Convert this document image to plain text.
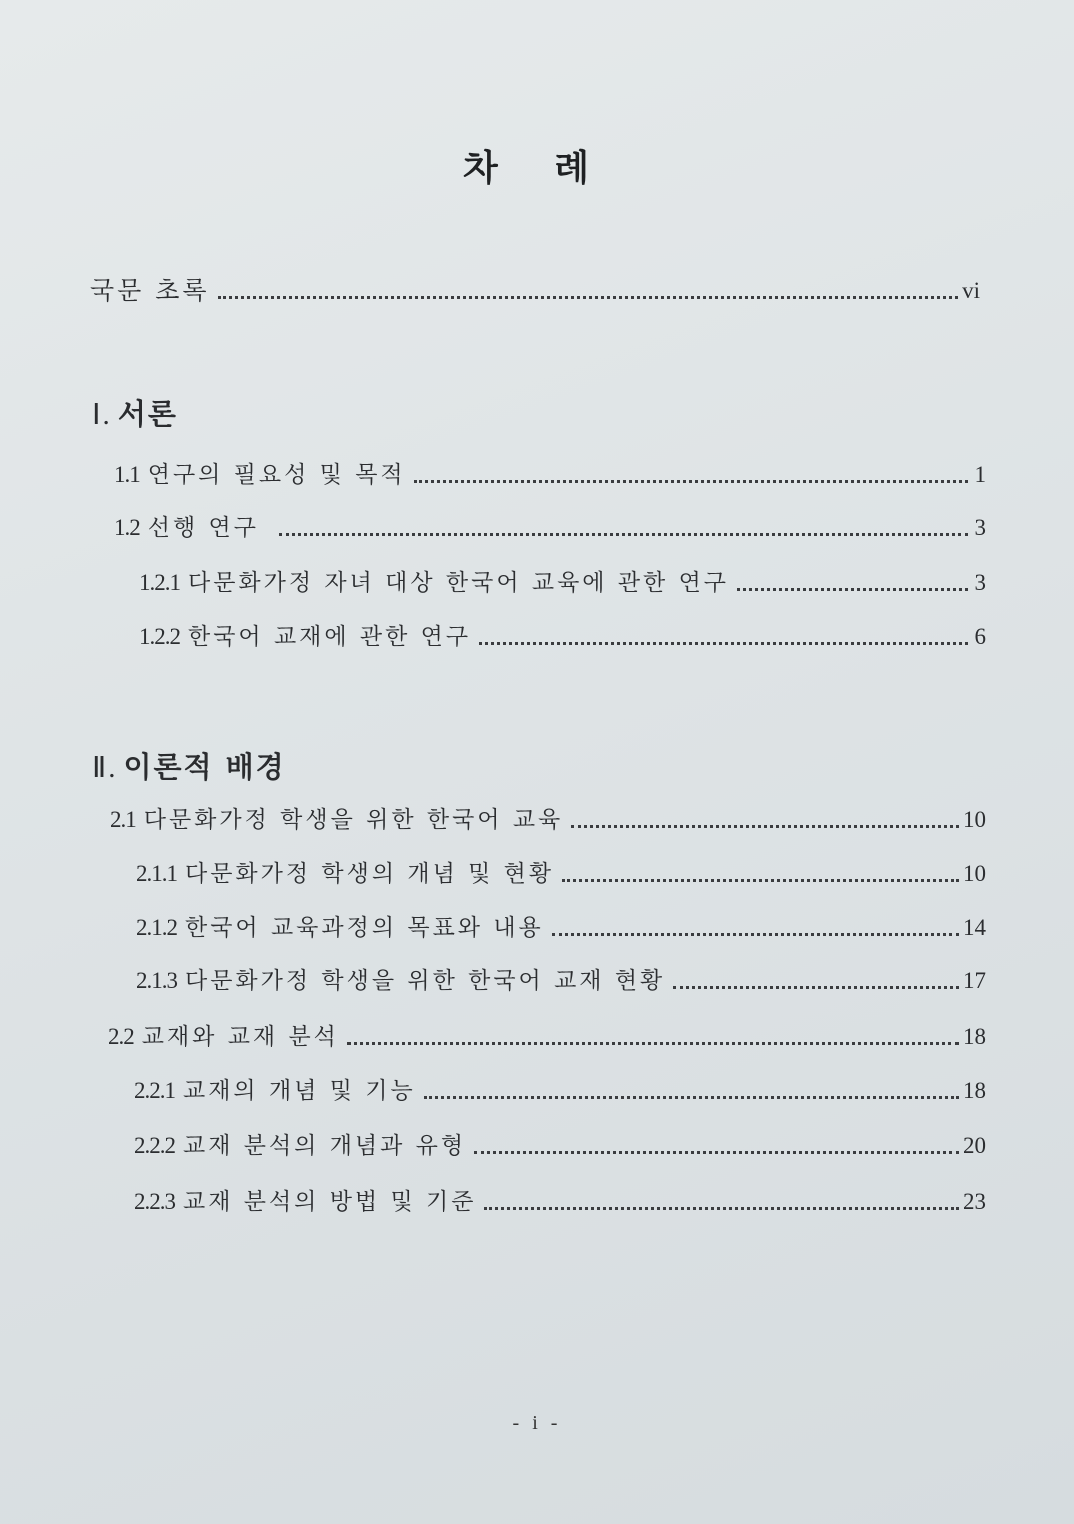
차 례
국문 초록	vi
Ⅰ. 서론
1.1 연구의 필요성 및 목적	1
1.2 선행 연구	3
1.2.1 다문화가정 자녀 대상 한국어 교육에 관한 연구	3
1.2.2 한국어 교재에 관한 연구	6
Ⅱ. 이론적 배경
2.1 다문화가정 학생을 위한 한국어 교육	10
2.1.1 다문화가정 학생의 개념 및 현황	10
2.1.2 한국어 교육과정의 목표와 내용	14
2.1.3 다문화가정 학생을 위한 한국어 교재 현황	17
2.2 교재와 교재 분석	18
2.2.1 교재의 개념 및 기능	18
2.2.2 교재 분석의 개념과 유형	20
2.2.3 교재 분석의 방법 및 기준	23
- i -
